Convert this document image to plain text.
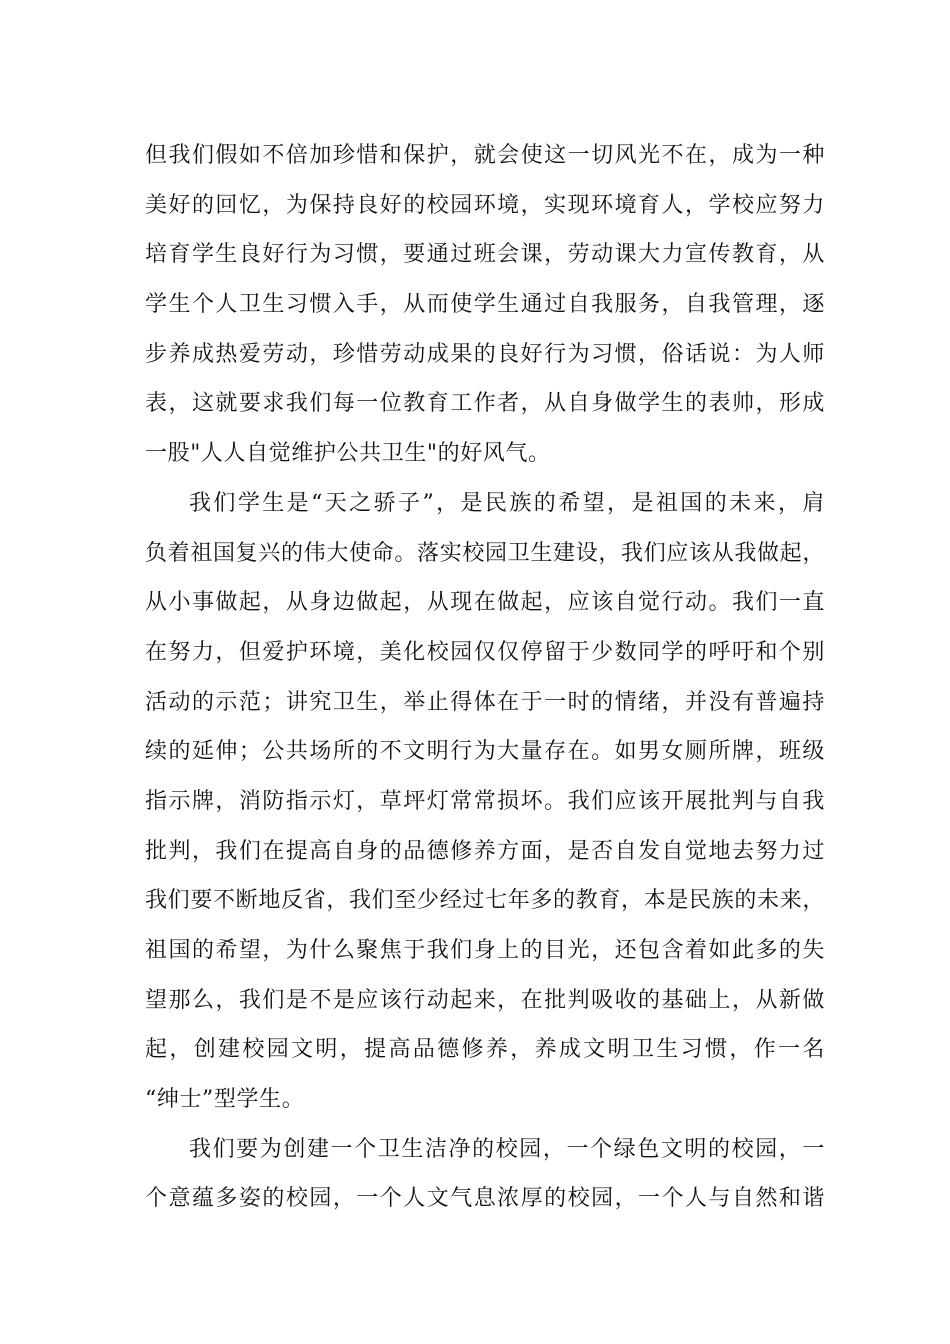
但我们假如不倍加珍惜和保护，就会使这一切风光不在，成为一种
美好的回忆，为保持良好的校园环境，实现环境育人，学校应努力
培育学生良好行为习惯，要通过班会课，劳动课大力宣传教育，从
学生个人卫生习惯入手，从而使学生通过自我服务，自我管理，逐
步养成热爱劳动，珍惜劳动成果的良好行为习惯，俗话说：为人师
表，这就要求我们每一位教育工作者，从自身做学生的表帅，形成
一股"人人自觉维护公共卫生"的好风气。
我们学生是“天之骄子”，是民族的希望，是祖国的未来，肩
负着祖国复兴的伟大使命。落实校园卫生建设，我们应该从我做起，
从小事做起，从身边做起，从现在做起，应该自觉行动。我们一直
在努力，但爱护环境，美化校园仅仅停留于少数同学的呼吁和个别
活动的示范；讲究卫生，举止得体在于一时的情绪，并没有普遍持
续的延伸；公共场所的不文明行为大量存在。如男女厕所牌，班级
指示牌，消防指示灯，草坪灯常常损坏。我们应该开展批判与自我
批判，我们在提高自身的品德修养方面，是否自发自觉地去努力过
我们要不断地反省，我们至少经过七年多的教育，本是民族的未来，
祖国的希望，为什么聚焦于我们身上的目光，还包含着如此多的失
望那么，我们是不是应该行动起来，在批判吸收的基础上，从新做
起，创建校园文明，提高品德修养，养成文明卫生习惯，作一名
“绅士”型学生。
我们要为创建一个卫生洁净的校园，一个绿色文明的校园，一
个意蕴多姿的校园，一个人文气息浓厚的校园，一个人与自然和谐
